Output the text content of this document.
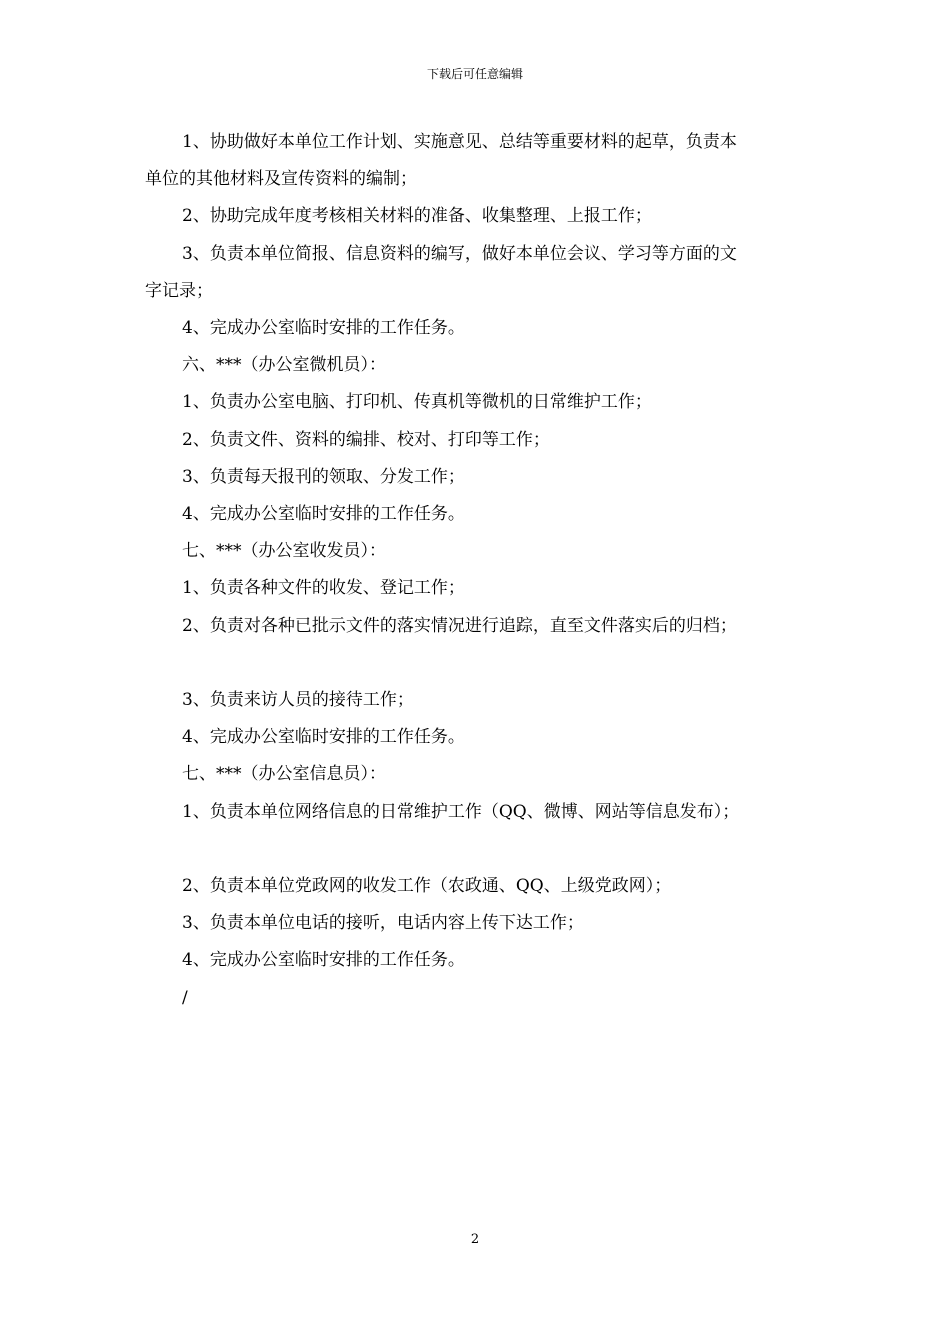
下载后可任意编辑

1、协助做好本单位工作计划、实施意见、总结等重要材料的起草，负责本

单位的其他材料及宣传资料的编制；

2、协助完成年度考核相关材料的准备、收集整理、上报工作；

3、负责本单位简报、信息资料的编写，做好本单位会议、学习等方面的文

字记录；

4、完成办公室临时安排的工作任务。

六、***（办公室微机员）：

1、负责办公室电脑、打印机、传真机等微机的日常维护工作；

2、负责文件、资料的编排、校对、打印等工作；

3、负责每天报刊的领取、分发工作；

4、完成办公室临时安排的工作任务。

七、***（办公室收发员）：

1、负责各种文件的收发、登记工作；

2、负责对各种已批示文件的落实情况进行追踪，直至文件落实后的归档；

3、负责来访人员的接待工作；

4、完成办公室临时安排的工作任务。

七、***（办公室信息员）：

1、负责本单位网络信息的日常维护工作（QQ、微博、网站等信息发布）；

2、负责本单位党政网的收发工作（农政通、QQ、上级党政网）；

3、负责本单位电话的接听，电话内容上传下达工作；

4、完成办公室临时安排的工作任务。

/

2
